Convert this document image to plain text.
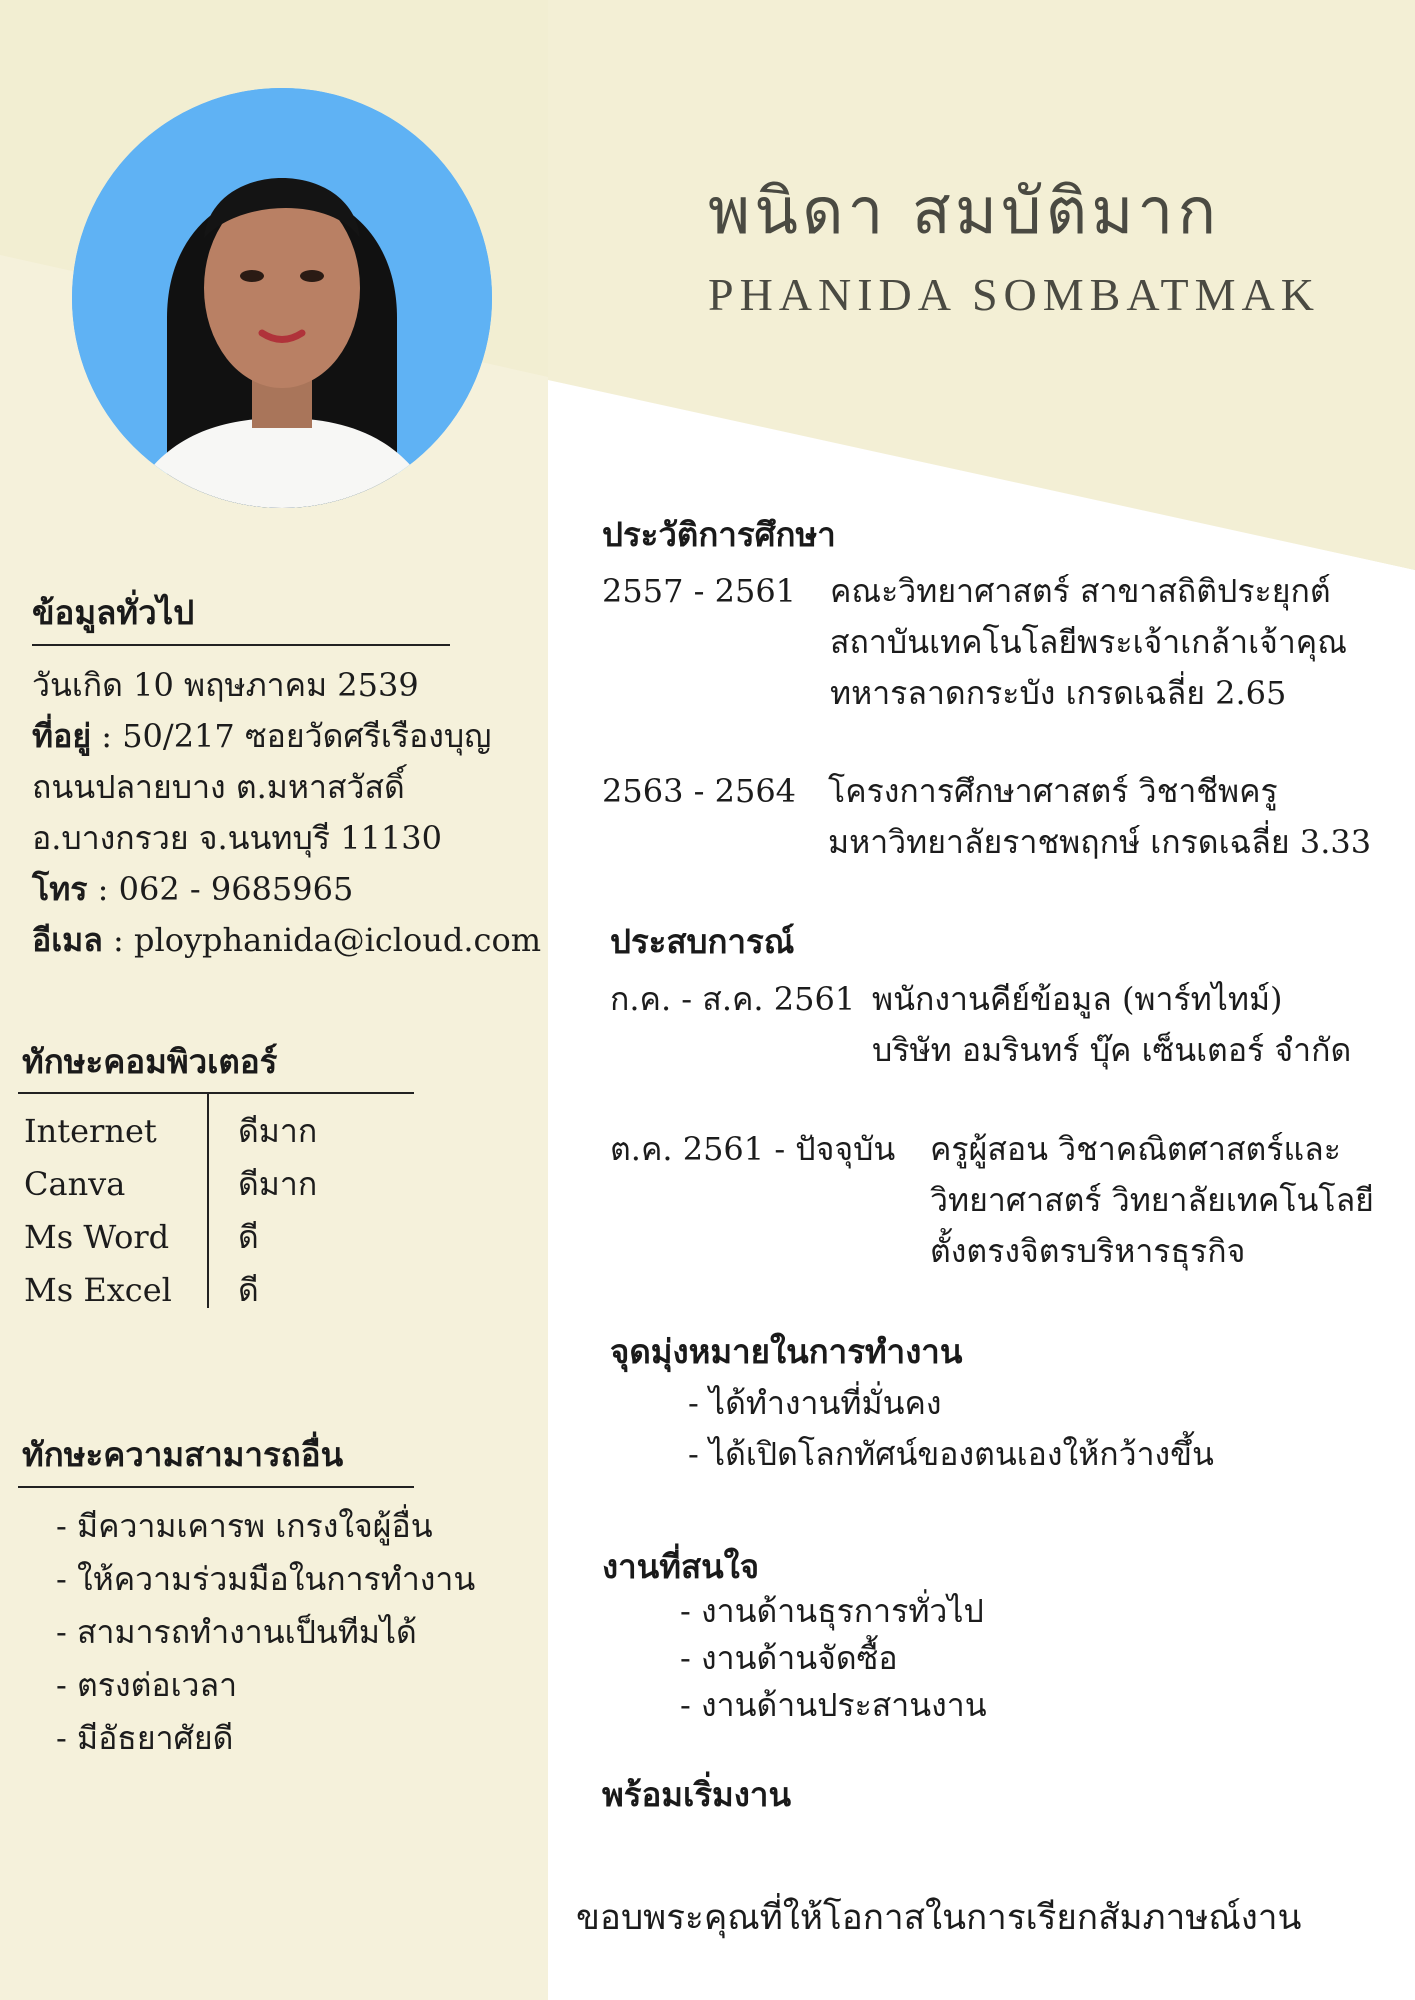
พนิดา สมบัติมาก
PHANIDA SOMBATMAK
ข้อมูลทั่วไป
วันเกิด 10 พฤษภาคม 2539
ที่อยู่ : 50/217 ซอยวัดศรีเรืองบุญ
ถนนปลายบาง ต.มหาสวัสดิ์
อ.บางกรวย จ.นนทบุรี 11130
โทร : 062 - 9685965
อีเมล : ployphanida@icloud.com
ทักษะคอมพิวเตอร์
Internet	ดีมาก
Canva	ดีมาก
Ms Word ดี
Ms Excel ดี
ทักษะความสามารถอื่น
- มีความเคารพ เกรงใจผู้อื่น
- ให้ความร่วมมือในการทำงาน
- สามารถทำงานเป็นทีมได้
- ตรงต่อเวลา
- มีอัธยาศัยดี
ประวัติการศึกษา
2557 - 2561 คณะวิทยาศาสตร์ สาขาสถิติประยุกต์
สถาบันเทคโนโลยีพระเจ้าเกล้าเจ้าคุณ
ทหารลาดกระบัง เกรดเฉลี่ย 2.65
2563 - 2564 โครงการศึกษาศาสตร์ วิชาชีพครู
มหาวิทยาลัยราชพฤกษ์ เกรดเฉลี่ย 3.33
ประสบการณ์
ก.ค. - ส.ค. 2561 พนักงานคีย์ข้อมูล (พาร์ทไทม์)
บริษัท อมรินทร์ บุ๊ค เซ็นเตอร์ จำกัด
ต.ค. 2561 - ปัจจุบัน ครูผู้สอน วิชาคณิตศาสตร์และ
วิทยาศาสตร์ วิทยาลัยเทคโนโลยี
ตั้งตรงจิตรบริหารธุรกิจ
จุดมุ่งหมายในการทำงาน
- ได้ทำงานที่มั่นคง
- ได้เปิดโลกทัศน์ของตนเองให้กว้างขึ้น
งานที่สนใจ
- งานด้านธุรการทั่วไป
- งานด้านจัดซื้อ
- งานด้านประสานงาน
พร้อมเริ่มงาน
ขอบพระคุณที่ให้โอกาสในการเรียกสัมภาษณ์งาน
